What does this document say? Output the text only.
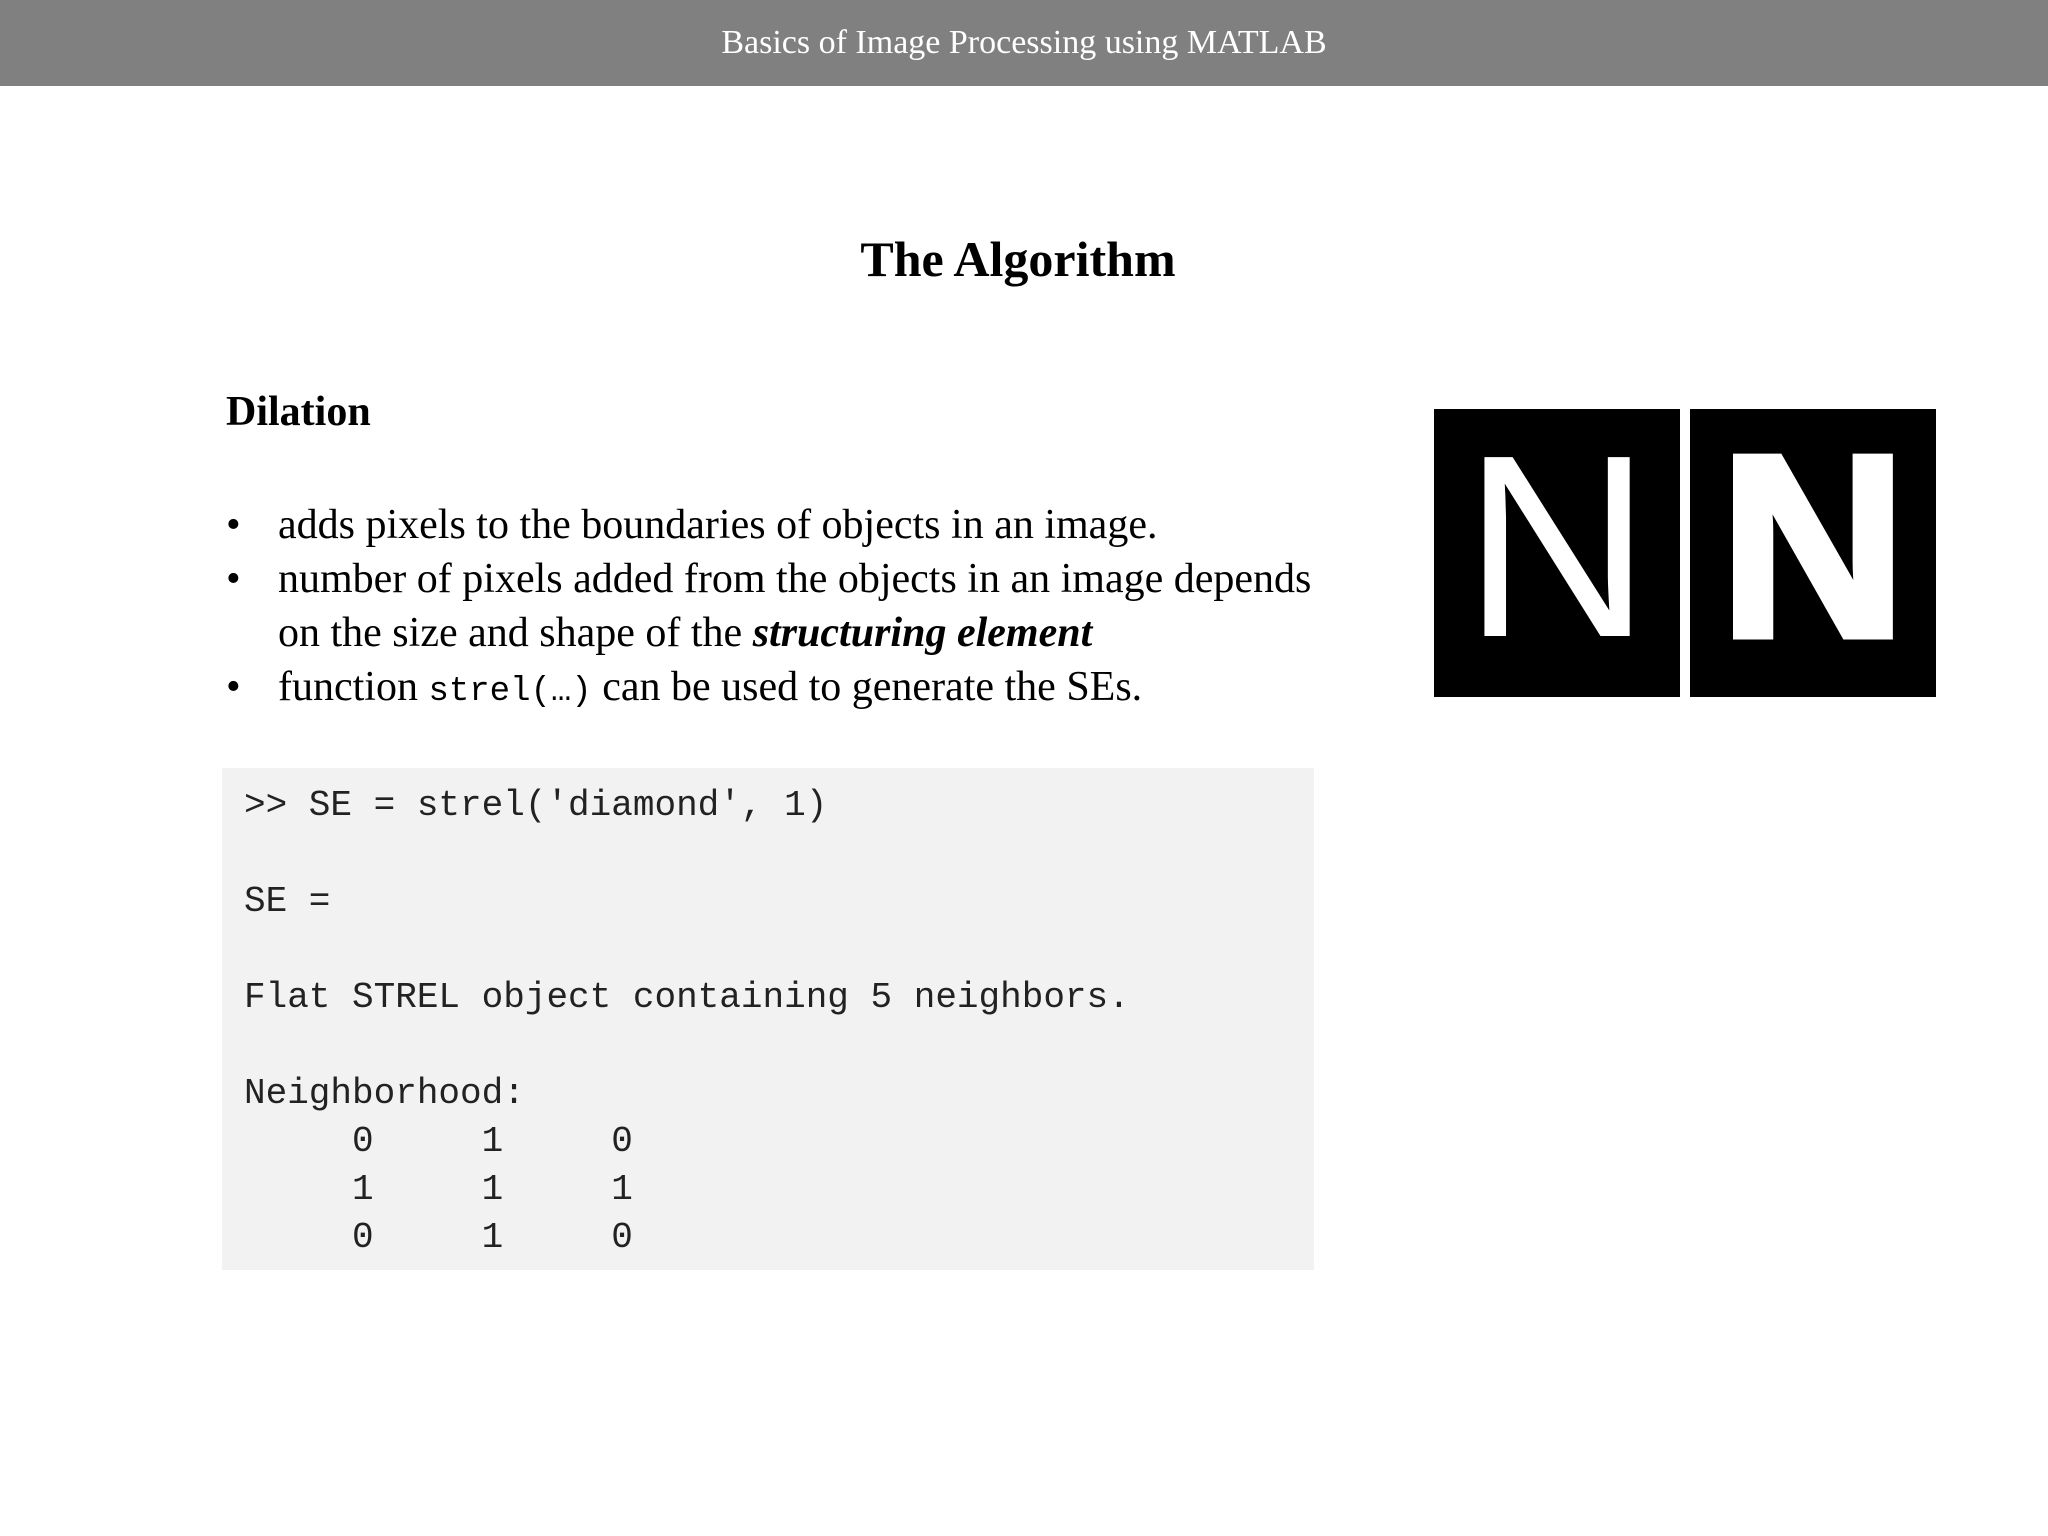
Basics of Image Processing using MATLAB
The Algorithm
Dilation
• adds pixels to the boundaries of objects in an image.
• number of pixels added from the objects in an image depends on the size and shape of the structuring element
• function strel(…) can be used to generate the SEs.
>> SE = strel('diamond', 1)

SE =

Flat STREL object containing 5 neighbors.

Neighborhood:
0     1     0
1     1     1
0     1     0
N N
